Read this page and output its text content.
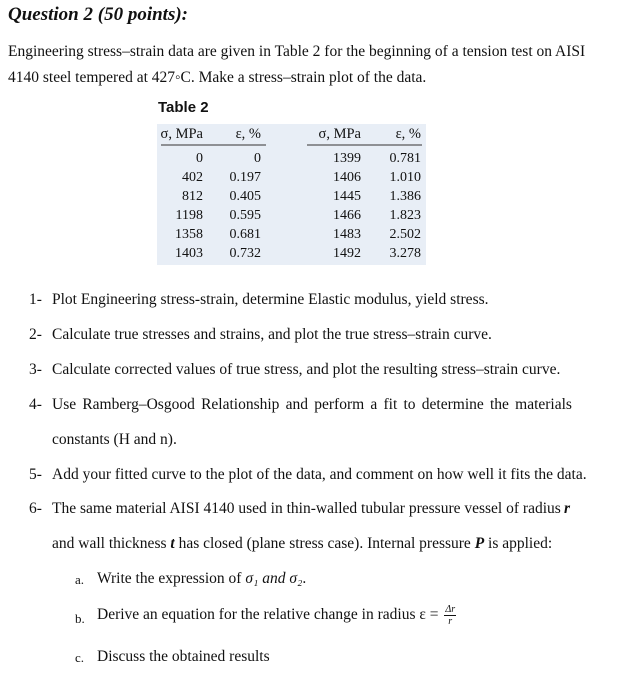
Question 2 (50 points):
Engineering stress–strain data are given in Table 2 for the beginning of a tension test on AISI
4140 steel tempered at 427◦C. Make a stress–strain plot of the data.
Table 2
σ, MPa ε, %	σ, MPa ε, %
0	0	1399 0.781
402 0.197	1406 1.010
812 0.405	1445 1.386
1198 0.595	1466 1.823
1358 0.681	1483 2.502
1403 0.732	1492 3.278
1- Plot Engineering stress-strain, determine Elastic modulus, yield stress.
2- Calculate true stresses and strains, and plot the true stress–strain curve.
3- Calculate corrected values of true stress, and plot the resulting stress–strain curve.
4- Use Ramberg–Osgood Relationship and perform a fit to determine the materials
constants (H and n).
5- Add your fitted curve to the plot of the data, and comment on how well it fits the data.
6- The same material AISI 4140 used in thin-walled tubular pressure vessel of radius r
and wall thickness t has closed (plane stress case). Internal pressure P is applied:
a. Write the expression of σ₁ and σ₂.
b. Derive an equation for the relative change in radius $\varepsilon = \frac{\Delta r}{r}$
c. Discuss the obtained results
